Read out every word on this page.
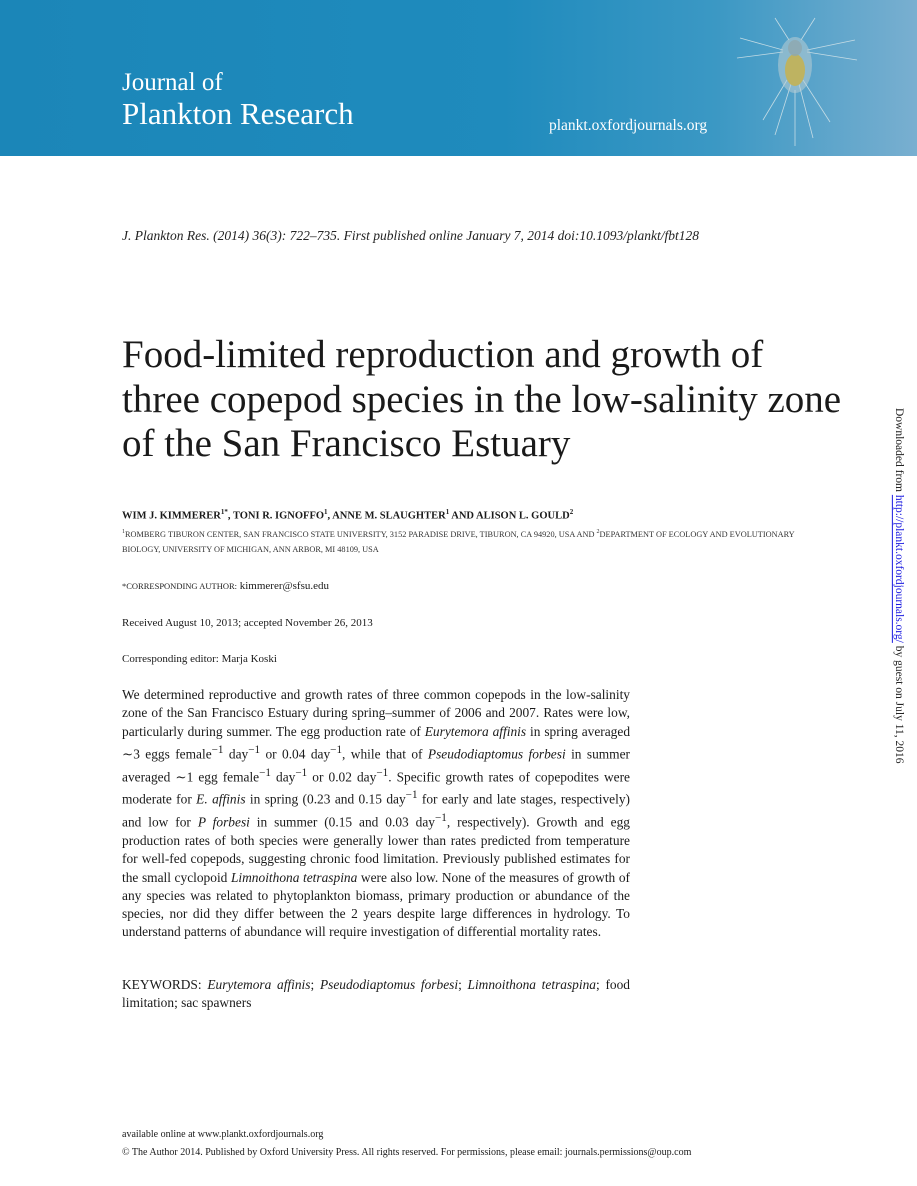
Journal of
Plankton Research	plankt.oxfordjournals.org
J. Plankton Res. (2014) 36(3): 722–735. First published online January 7, 2014 doi:10.1093/plankt/fbt128
Food-limited reproduction and growth of three copepod species in the low-salinity zone of the San Francisco Estuary
WIM J. $KIMMERER^{1*}$, TONI R. IGNOFFO$^1$, ANNE M. SLAUGHTER$^1$ AND ALISON L. GOULD$^2$
$^1$ROMBERG TIBURON CENTER, SAN FRANCISCO STATE UNIVERSITY, 3152 PARADISE DRIVE, TIBURON, CA 94920, USA AND $^2$DEPARTMENT OF ECOLOGY AND EVOLUTIONARY BIOLOGY, UNIVERSITY OF MICHIGAN, ANN ARBOR, MI 48109, USA
*CORRESPONDING AUTHOR: kimmerer@sfsu.edu
Received August 10, 2013; accepted November 26, 2013
Corresponding editor: Marja Koski

We determined reproductive and growth rates of three common copepods in the low-salinity zone of the San Francisco Estuary during spring–summer of 2006 and 2007. Rates were low, particularly during summer. The egg production rate of Eurytemora affinis in spring averaged ∼3 eggs female$^{-1}$ day$^{-1}$ or 0.04 day$^{-1}$, while that of Pseudodiaptomus forbesi in summer averaged ∼1 egg female$^{-1}$ day$^{-1}$ or 0.02 day$^{-1}$. Specific growth rates of copepodites were moderate for E. affinis in spring (0.23 and 0.15 day$^{-1}$ for early and late stages, respectively) and low for P forbesi in summer (0.15 and 0.03 day$^{-1}$, respectively). Growth and egg production rates of both species were generally lower than rates predicted from temperature for well-fed copepods, suggesting chronic food limitation. Previously published estimates for the small cyclopoid Limnoithona tetraspina were also low. None of the measures of growth of any species was related to phytoplankton biomass, primary production or abundance of the species, nor did they differ between the 2 years despite large differences in hydrology. To understand patterns of abundance will require investigation of differential mortality rates.

KEYWORDS: Eurytemora affinis; Pseudodiaptomus forbesi; Limnoithona tetraspina; food limitation; sac spawners

Downloaded from http://plankt.oxfordjournals.org/ by guest on July 11, 2016
available online at www.plankt.oxfordjournals.org
© The Author 2014. Published by Oxford University Press. All rights reserved. For permissions, please email: journals.permissions@oup.com
